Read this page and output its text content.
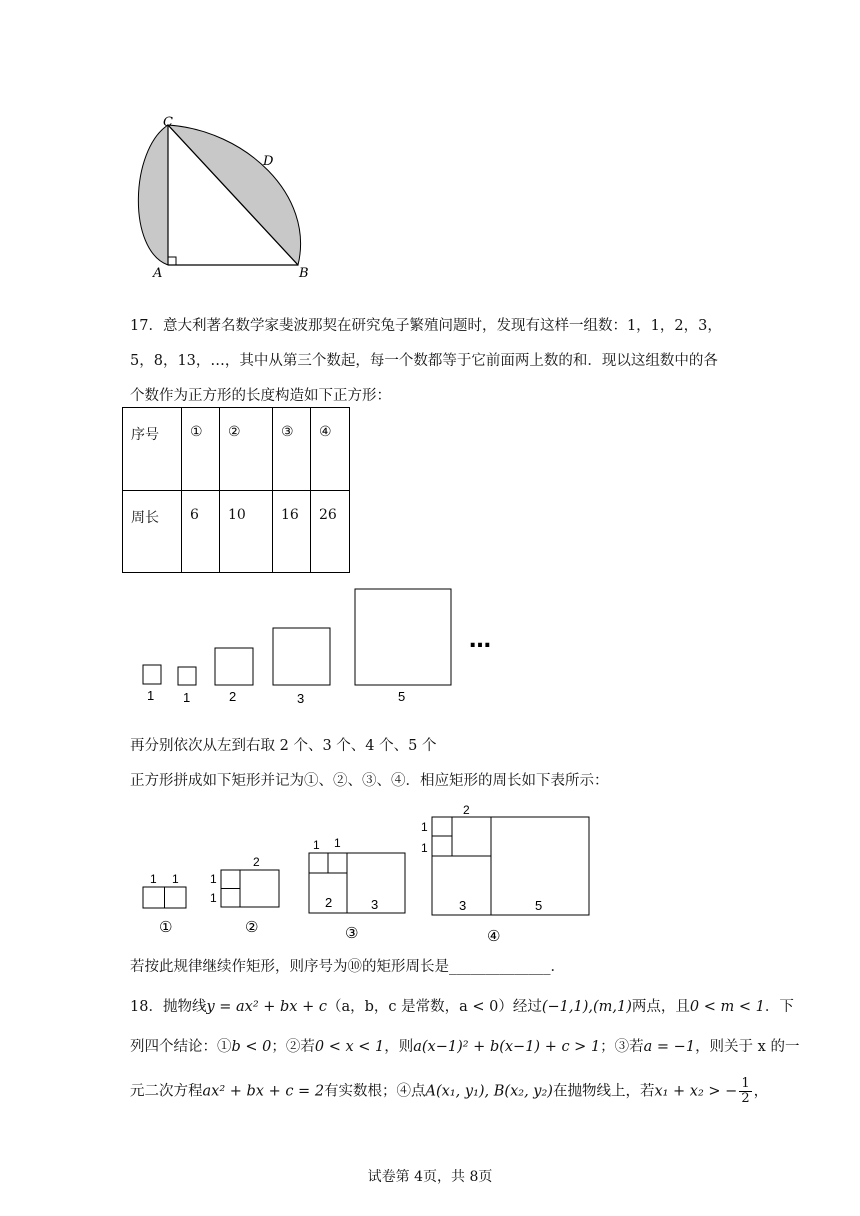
C
D
A	B
17．意大利著名数学家斐波那契在研究兔子繁殖问题时，发现有这样一组数：1，1，2，3，
5，8，13，…，其中从第三个数起，每一个数都等于它前面两上数的和．现以这组数中的各
个数作为正方形的长度构造如下正方形：
序号	①	②	③	④
周长	6	10	16	26
1 1	2	3	5
…
再分别依次从左到右取 2 个、3 个、4 个、5 个
正方形拼成如下矩形并记为①、②、③、④．相应矩形的周长如下表所示：
1 1
①
2
1
1
②
1 1
2	3
③
2
1
1
3	5
④
若按此规律继续作矩形，则序号为⑩的矩形周长是______________．
18．抛物线y = ax² + bx + c（a，b，c 是常数，a < 0）经过(−1,1),(m,1)两点，且0 < m < 1．下
列四个结论：①b < 0；②若0 < x < 1，则a(x−1)² + b(x−1) + c > 1；③若a = −1，则关于 x 的一
元二次方程ax² + bx + c = 2有实数根；④点A(x₁, y₁), B(x₂, y₂)在抛物线上，若x₁ + x₂ > − $\frac{1}{2}$ ，
试卷第 4页，共 8页
